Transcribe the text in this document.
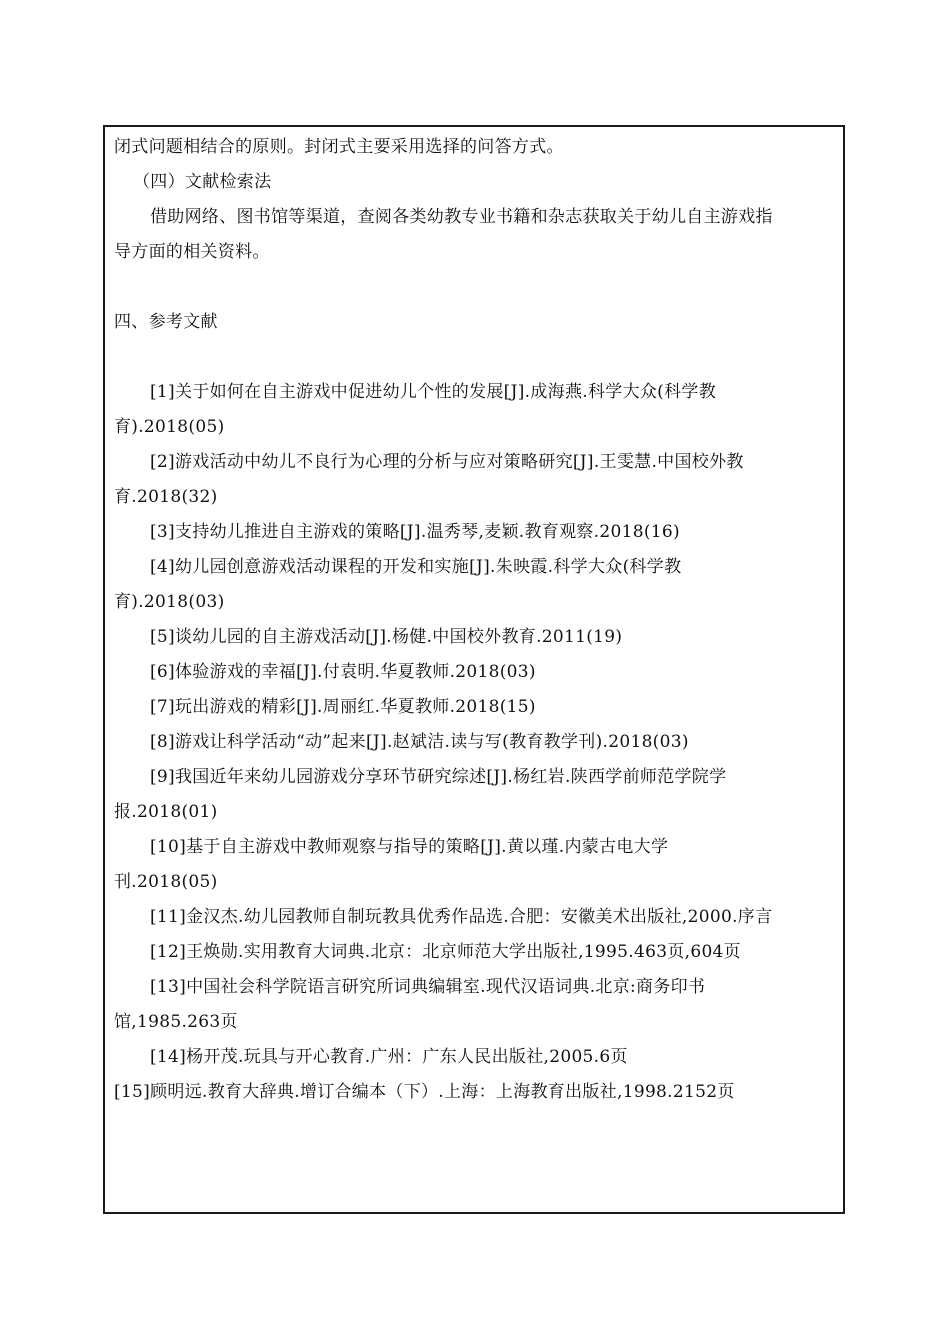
闭式问题相结合的原则。封闭式主要采用选择的问答方式。
（四）文献检索法
借助网络、图书馆等渠道，查阅各类幼教专业书籍和杂志获取关于幼儿自主游戏指
导方面的相关资料。
四、参考文献
[1]关于如何在自主游戏中促进幼儿个性的发展[J].成海燕.科学大众(科学教
育).2018(05)
[2]游戏活动中幼儿不良行为心理的分析与应对策略研究[J].王雯慧.中国校外教
育.2018(32)
[3]支持幼儿推进自主游戏的策略[J].温秀琴,麦颖.教育观察.2018(16)
[4]幼儿园创意游戏活动课程的开发和实施[J].朱映霞.科学大众(科学教
育).2018(03)
[5]谈幼儿园的自主游戏活动[J].杨健.中国校外教育.2011(19)
[6]体验游戏的幸福[J].付袁明.华夏教师.2018(03)
[7]玩出游戏的精彩[J].周丽红.华夏教师.2018(15)
[8]游戏让科学活动“动”起来[J].赵斌洁.读与写(教育教学刊).2018(03)
[9]我国近年来幼儿园游戏分享环节研究综述[J].杨红岩.陕西学前师范学院学
报.2018(01)
[10]基于自主游戏中教师观察与指导的策略[J].黄以瑾.内蒙古电大学
刊.2018(05)
[11]金汉杰.幼儿园教师自制玩教具优秀作品选.合肥：安徽美术出版社,2000.序言
[12]王焕勋.实用教育大词典.北京：北京师范大学出版社,1995.463页,604页
[13]中国社会科学院语言研究所词典编辑室.现代汉语词典.北京:商务印书
馆,1985.263页
[14]杨开茂.玩具与开心教育.广州：广东人民出版社,2005.6页
[15]顾明远.教育大辞典.增订合编本（下）.上海：上海教育出版社,1998.2152页
